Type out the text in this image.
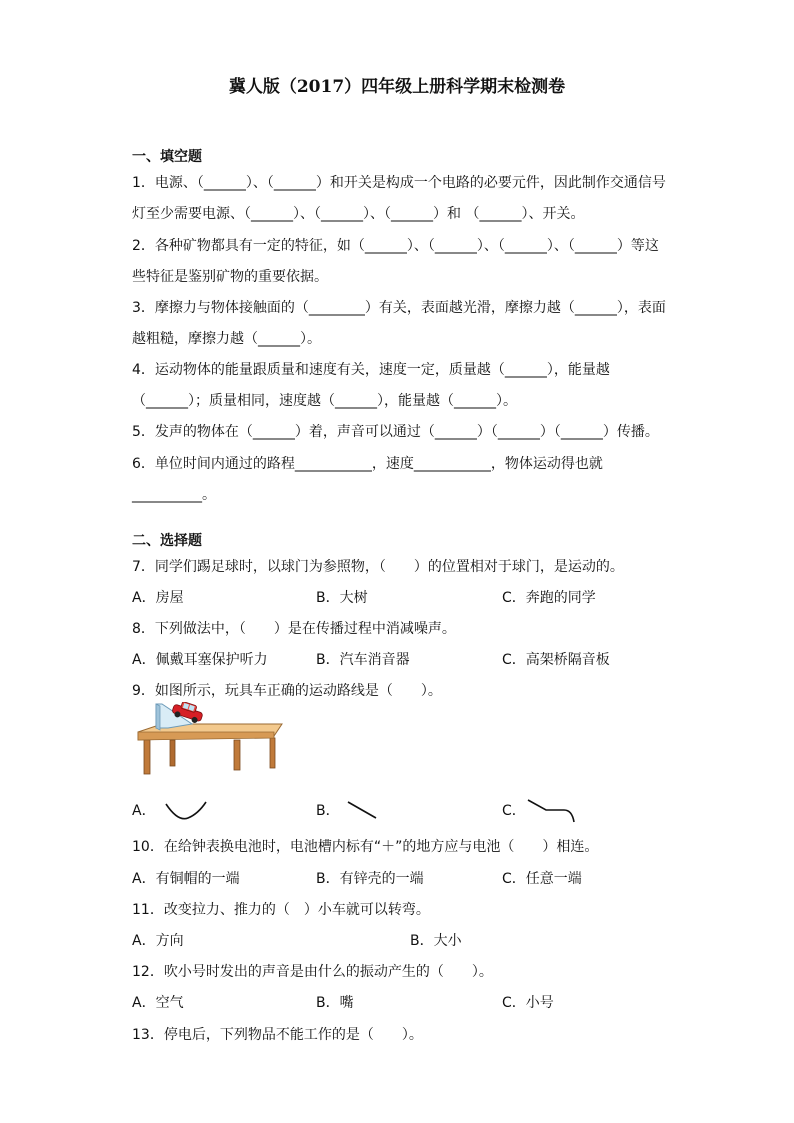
冀人版（2017）四年级上册科学期末检测卷
一、填空题
1．电源、（______）、（______）和开关是构成一个电路的必要元件，因此制作交通信号
灯至少需要电源、（______）、（______）、（______）和 （______）、开关。
2．各种矿物都具有一定的特征，如（______）、（______）、（______）、（______）等这
些特征是鉴别矿物的重要依据。
3．摩擦力与物体接触面的（________）有关，表面越光滑，摩擦力越（______），表面
越粗糙，摩擦力越（______）。
4．运动物体的能量跟质量和速度有关，速度一定，质量越（______），能量越
（______）；质量相同，速度越（______），能量越（______）。
5．发声的物体在（______）着，声音可以通过（______）（______）（______）传播。
6．单位时间内通过的路程___________，速度___________，物体运动得也就
__________。
二、选择题
7．同学们踢足球时，以球门为参照物，（　　）的位置相对于球门，是运动的。
A．房屋	B．大树	C．奔跑的同学
8．下列做法中，（　　）是在传播过程中消减噪声。
A．佩戴耳塞保护听力	B．汽车消音器	C．高架桥隔音板
9．如图所示，玩具车正确的运动路线是（　　）。
A．	B．	C．
10．在给钟表换电池时，电池槽内标有“＋”的地方应与电池（　　）相连。
A．有铜帽的一端	B．有锌壳的一端	C．任意一端
11．改变拉力、推力的（　）小车就可以转弯。
A．方向	B．大小
12．吹小号时发出的声音是由什么的振动产生的（　　）。
A．空气	B．嘴	C．小号
13．停电后，下列物品不能工作的是（　　）。
